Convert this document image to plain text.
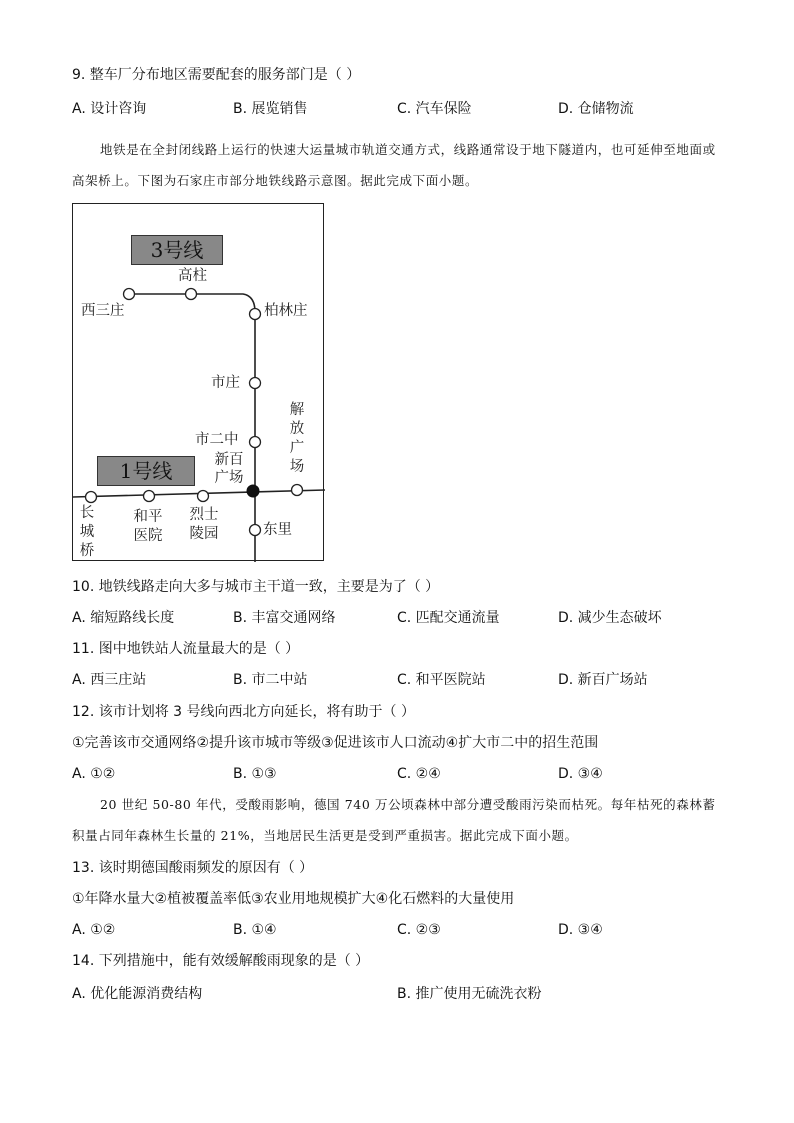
9. 整车厂分布地区需要配套的服务部门是（ ）
A. 设计咨询	B. 展览销售	C. 汽车保险	D. 仓储物流
地铁是在全封闭线路上运行的快速大运量城市轨道交通方式，线路通常设于地下隧道内，也可延伸至地面或高架桥上。下图为石家庄市部分地铁线路示意图。据此完成下面小题。
3号线
1号线
西三庄
高柱
柏林庄
市庄
市二中
解放广场
新百广场
东里
长城桥
和平医院
烈士陵园
10. 地铁线路走向大多与城市主干道一致，主要是为了（ ）
A. 缩短路线长度	B. 丰富交通网络	C. 匹配交通流量	D. 减少生态破坏
11. 图中地铁站人流量最大的是（ ）
A. 西三庄站	B. 市二中站	C. 和平医院站	D. 新百广场站
12. 该市计划将 3 号线向西北方向延长，将有助于（ ）
①完善该市交通网络②提升该市城市等级③促进该市人口流动④扩大市二中的招生范围
A. ①②	B. ①③	C. ②④	D. ③④
20 世纪 50-80 年代，受酸雨影响，德国 740 万公顷森林中部分遭受酸雨污染而枯死。每年枯死的森林蓄积量占同年森林生长量的 21%，当地居民生活更是受到严重损害。据此完成下面小题。
13. 该时期德国酸雨频发的原因有（ ）
①年降水量大②植被覆盖率低③农业用地规模扩大④化石燃料的大量使用
A. ①②	B. ①④	C. ②③	D. ③④
14. 下列措施中，能有效缓解酸雨现象的是（ ）
A. 优化能源消费结构	B. 推广使用无硫洗衣粉
